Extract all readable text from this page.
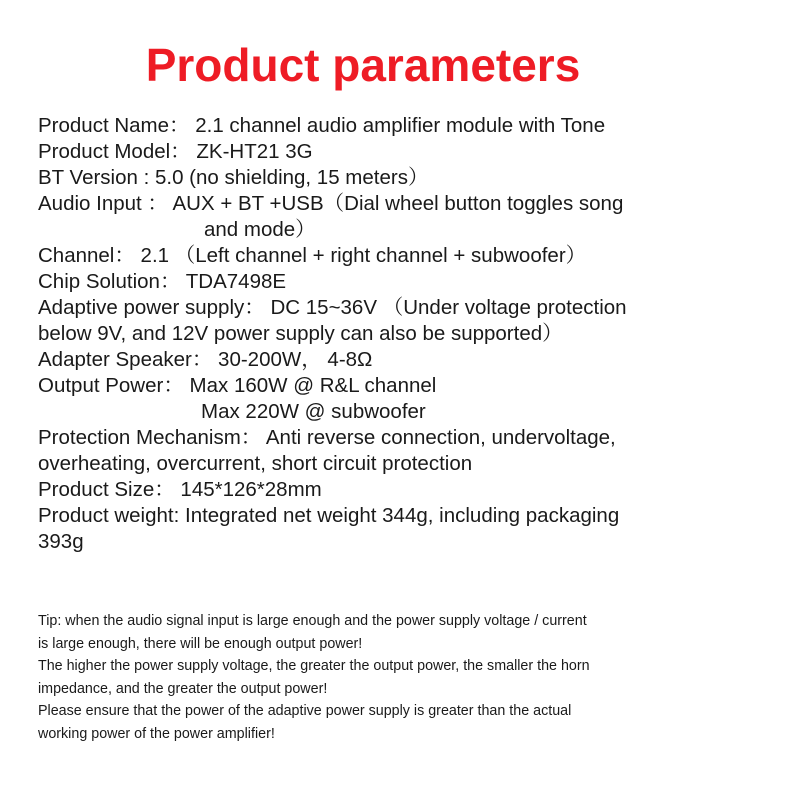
Product parameters
Product Name： 2.1 channel audio amplifier module with Tone
Product Model： ZK-HT21 3G
BT Version : 5.0 (no shielding, 15 meters）
Audio Input ： AUX + BT +USB（Dial wheel button toggles song
and mode）
Channel： 2.1 （Left channel + right channel + subwoofer）
Chip Solution： TDA7498E
Adaptive power supply： DC 15~36V （Under voltage protection
below 9V, and 12V power supply can also be supported）
Adapter Speaker： 30-200W， 4-8Ω
Output Power： Max 160W @ R&L channel
Max 220W @ subwoofer
Protection Mechanism： Anti reverse connection, undervoltage,
overheating, overcurrent, short circuit protection
Product Size： 145*126*28mm
Product weight: Integrated net weight 344g, including packaging
393g
Tip: when the audio signal input is large enough and the power supply voltage / current
is large enough, there will be enough output power!
The higher the power supply voltage, the greater the output power, the smaller the horn
impedance, and the greater the output power!
Please ensure that the power of the adaptive power supply is greater than the actual
working power of the power amplifier!
